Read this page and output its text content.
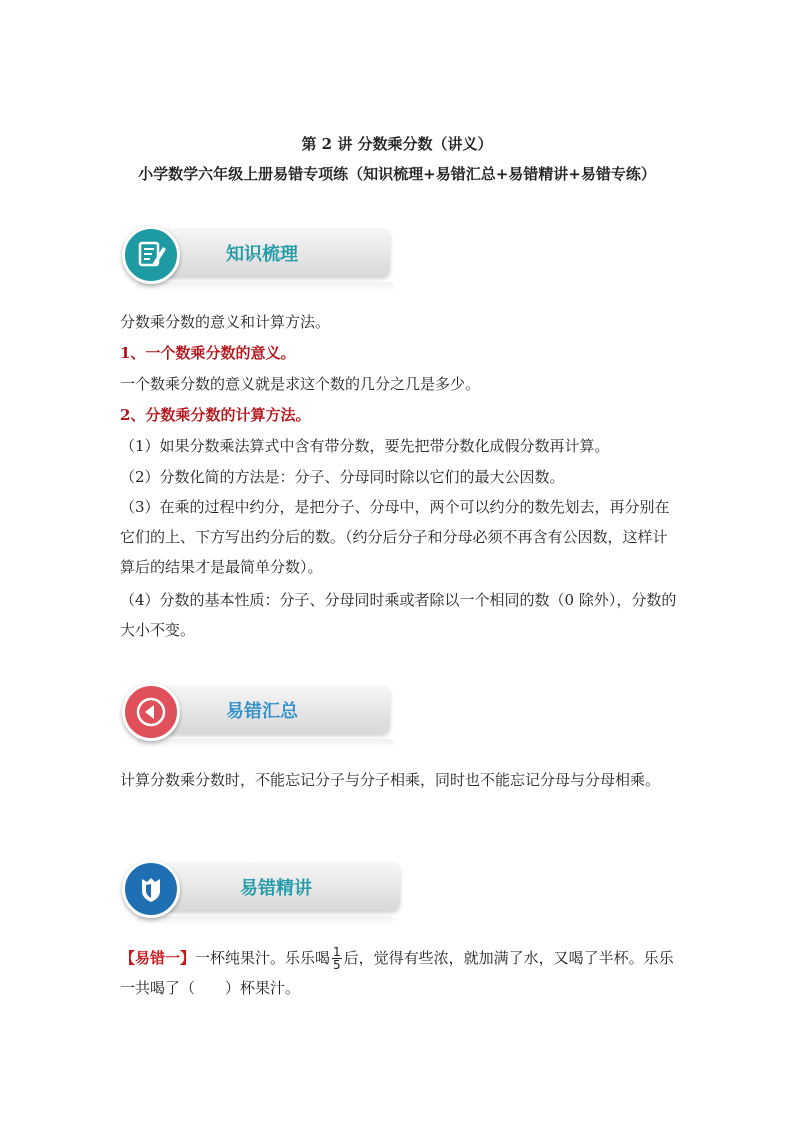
第 2 讲 分数乘分数（讲义）
小学数学六年级上册易错专项练（知识梳理+易错汇总+易错精讲+易错专练）
知识梳理
分数乘分数的意义和计算方法。
1、一个数乘分数的意义。
一个数乘分数的意义就是求这个数的几分之几是多少。
2、分数乘分数的计算方法。
（1）如果分数乘法算式中含有带分数，要先把带分数化成假分数再计算。
（2）分数化简的方法是：分子、分母同时除以它们的最大公因数。
（3）在乘的过程中约分，是把分子、分母中，两个可以约分的数先划去，再分别在它们的上、下方写出约分后的数。（约分后分子和分母必须不再含有公因数，这样计算后的结果才是最简单分数）。
（4）分数的基本性质：分子、分母同时乘或者除以一个相同的数（0 除外），分数的大小不变。
易错汇总
计算分数乘分数时，不能忘记分子与分子相乘，同时也不能忘记分母与分母相乘。
易错精讲
【易错一】一杯纯果汁。乐乐喝 $\frac{1}{5}$ 后，觉得有些浓，就加满了水，又喝了半杯。乐乐一共喝了（　　）杯果汁。
